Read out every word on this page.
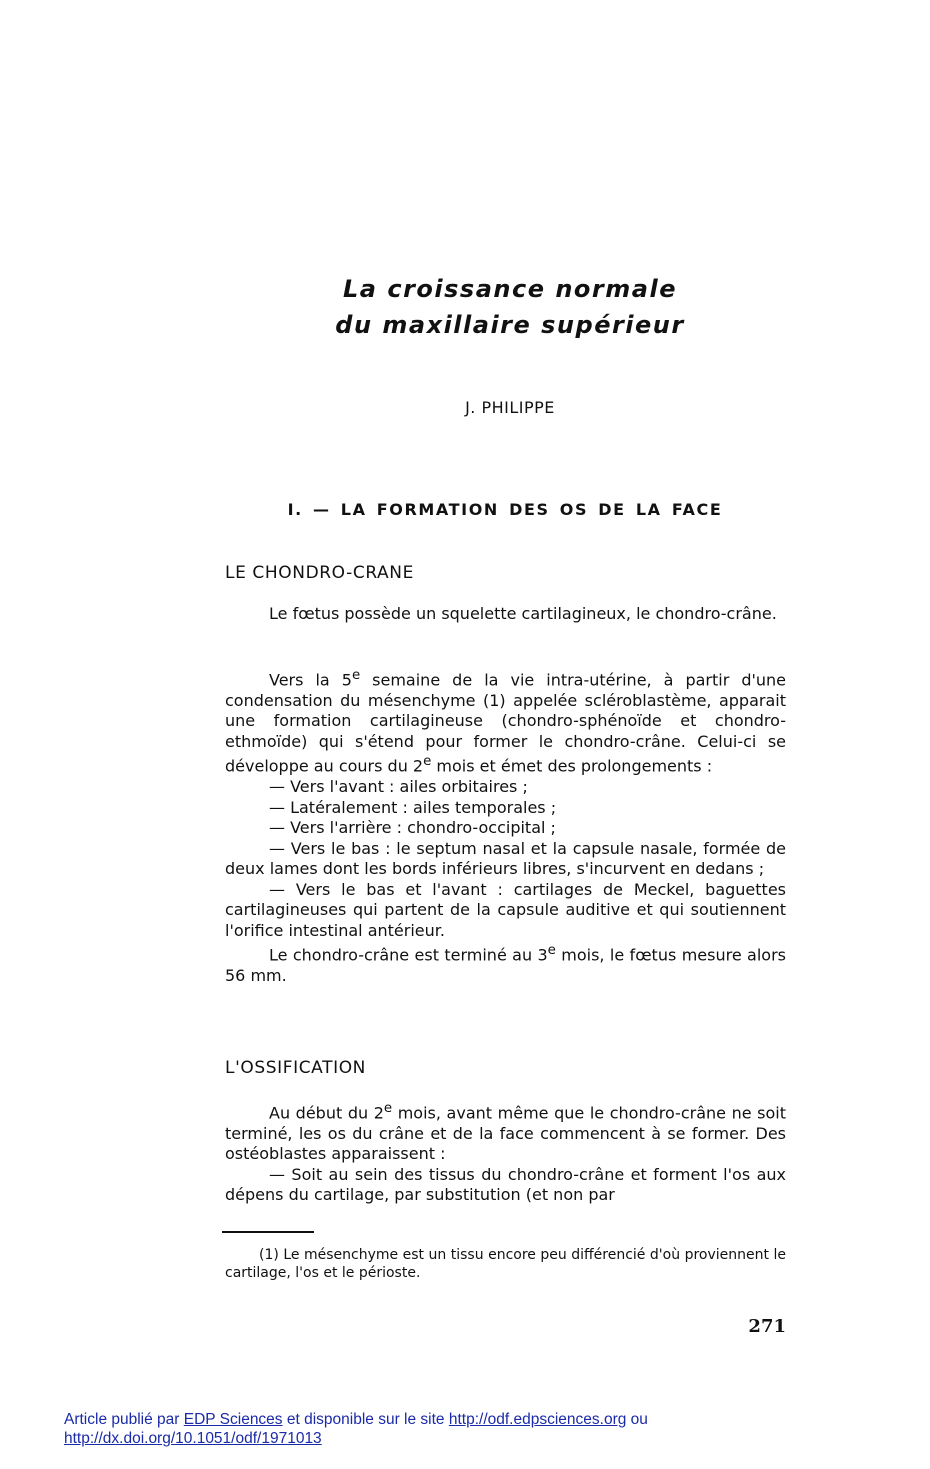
La croissance normale
du maxillaire supérieur
J. PHILIPPE
I. — LA FORMATION DES OS DE LA FACE
LE CHONDRO-CRANE

Le fœtus possède un squelette cartilagineux, le chondro-crâne.

Vers la 5e semaine de la vie intra-utérine, à partir d'une condensation du mésenchyme (1) appelée scléroblastème, apparait une formation cartilagineuse (chondro-sphénoïde et chondro-ethmoïde) qui s'étend pour former le chondro-crâne. Celui-ci se développe au cours du 2e mois et émet des prolongements :

— Vers l'avant : ailes orbitaires ;

— Latéralement : ailes temporales ;

— Vers l'arrière : chondro-occipital ;

— Vers le bas : le septum nasal et la capsule nasale, formée de deux lames dont les bords inférieurs libres, s'incurvent en dedans ;

— Vers le bas et l'avant : cartilages de Meckel, baguettes cartilagineuses qui partent de la capsule auditive et qui soutiennent l'orifice intestinal antérieur.

Le chondro-crâne est terminé au 3e mois, le fœtus mesure alors 56 mm.

L'OSSIFICATION

Au début du 2e mois, avant même que le chondro-crâne ne soit terminé, les os du crâne et de la face commencent à se former. Des ostéoblastes apparaissent :

— Soit au sein des tissus du chondro-crâne et forment l'os aux dépens du cartilage, par substitution (et non par

(1) Le mésenchyme est un tissu encore peu différencié d'où proviennent le cartilage, l'os et le périoste.

271
Article publié par EDP Sciences et disponible sur le site http://odf.edpsciences.org ou
http://dx.doi.org/10.1051/odf/1971013
